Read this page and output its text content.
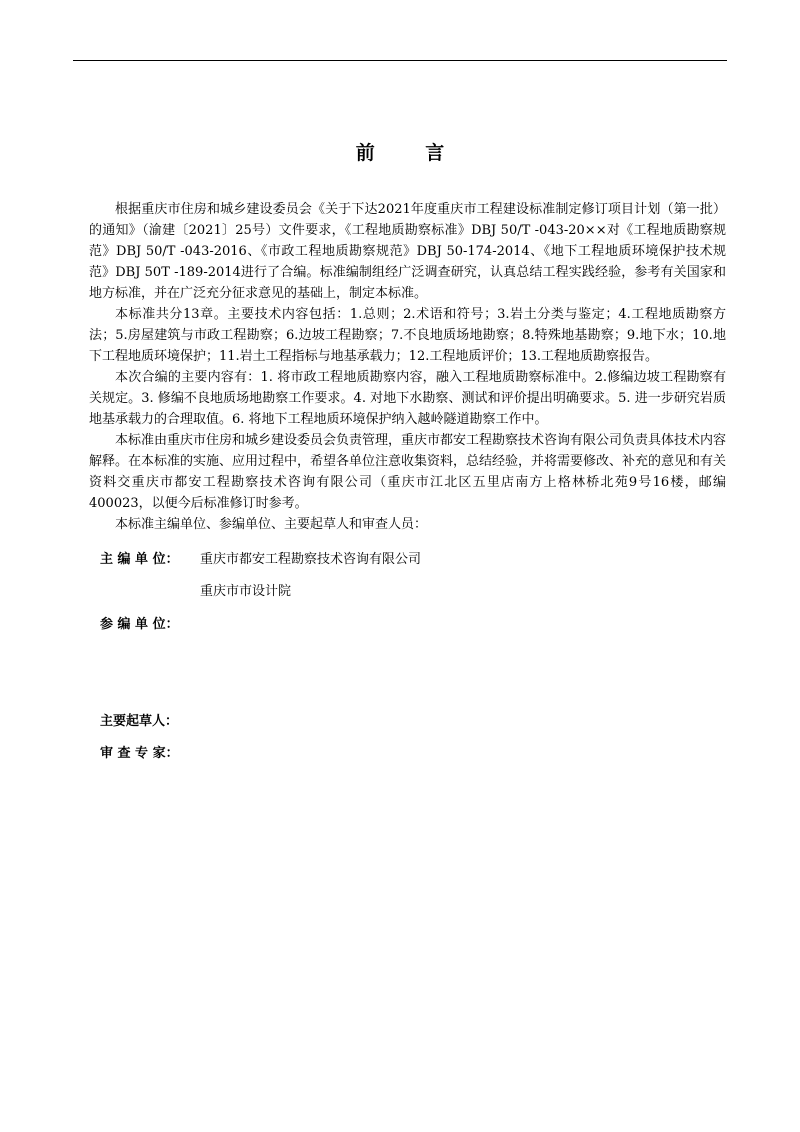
前 言

根据重庆市住房和城乡建设委员会《关于下达2021年度重庆市工程建设标准制定修订项目计划（第一批）的通知》（渝建〔2021〕25号）文件要求，《工程地质勘察标准》DBJ 50/T -043-20××对《工程地质勘察规范》DBJ 50/T -043-2016、《市政工程地质勘察规范》DBJ 50-174-2014、《地下工程地质环境保护技术规范》DBJ 50T -189-2014进行了合编。标准编制组经广泛调查研究，认真总结工程实践经验，参考有关国家和地方标准，并在广泛充分征求意见的基础上，制定本标准。

本标准共分13章。主要技术内容包括：1.总则；2.术语和符号；3.岩土分类与鉴定；4.工程地质勘察方法；5.房屋建筑与市政工程勘察；6.边坡工程勘察；7.不良地质场地勘察；8.特殊地基勘察；9.地下水；10.地下工程地质环境保护；11.岩土工程指标与地基承载力；12.工程地质评价；13.工程地质勘察报告。

本次合编的主要内容有：1. 将市政工程地质勘察内容，融入工程地质勘察标准中。2.修编边坡工程勘察有关规定。3. 修编不良地质场地勘察工作要求。4. 对地下水勘察、测试和评价提出明确要求。5. 进一步研究岩质地基承载力的合理取值。6. 将地下工程地质环境保护纳入越岭隧道勘察工作中。

本标准由重庆市住房和城乡建设委员会负责管理，重庆市都安工程勘察技术咨询有限公司负责具体技术内容解释。在本标准的实施、应用过程中，希望各单位注意收集资料，总结经验，并将需要修改、补充的意见和有关资料交重庆市都安工程勘察技术咨询有限公司（重庆市江北区五里店南方上格林桥北苑9号16楼，邮编400023，以便今后标准修订时参考。

本标准主编单位、参编单位、主要起草人和审查人员：

主 编 单 位： 重庆市都安工程勘察技术咨询有限公司
重庆市市设计院
参 编 单 位：
主要起草人：
审 查 专 家：
